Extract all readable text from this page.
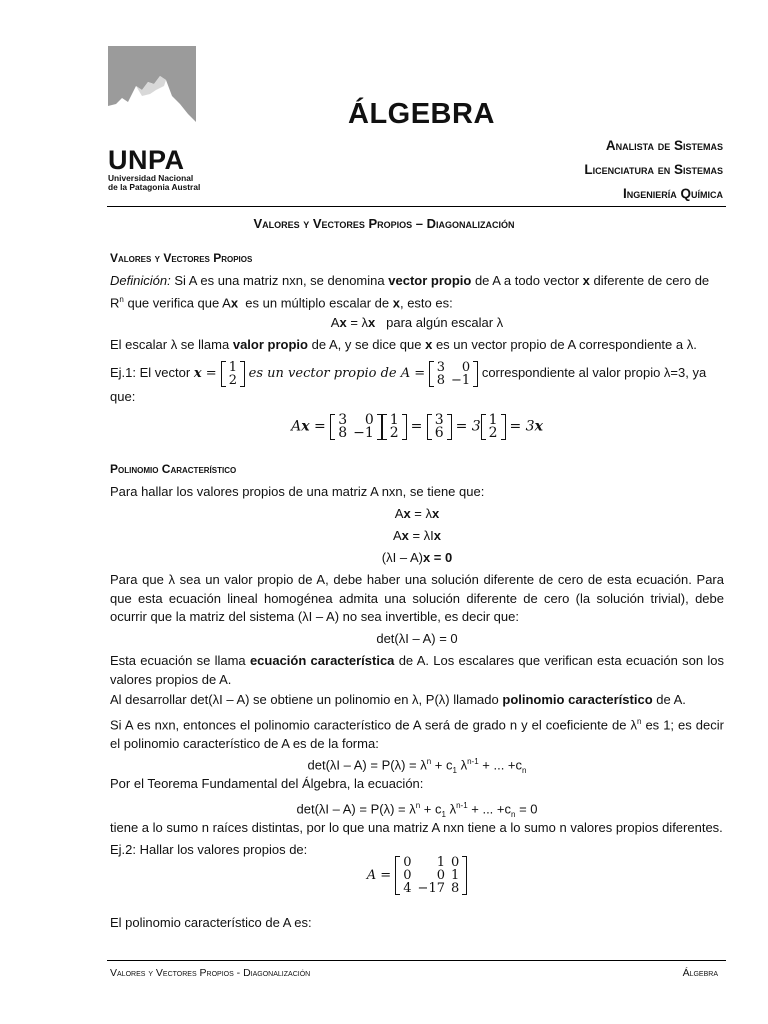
UNPA
Universidad Nacional
de la Patagonia Austral
ÁLGEBRA
Analista de Sistemas
Licenciatura en Sistemas
Ingeniería Química
Valores y Vectores Propios – Diagonalización
Valores y Vectores Propios
Definición: Si A es una matriz nxn, se denomina vector propio de A a todo vector x diferente de cero de
$R^n$ que verifica que Ax es un múltiplo escalar de x, esto es:
Ax = λx para algún escalar λ
El escalar λ se llama valor propio de A, y se dice que x es un vector propio de A correspondiente a λ.
Ej.1: El vector x = 1
2 es un vector propio de A = 3	0
8	−1
correspondiente al valor propio λ=3, ya
que:
Ax = 3	0
8	−1
1
2 = 3
6 = 3 1
2 = 3x
Polinomio Característico
Para hallar los valores propios de una matriz A nxn, se tiene que:
Ax = λx
Ax = λIx
(λI – A)x = 0
Para que λ sea un valor propio de A, debe haber una solución diferente de cero de esta ecuación. Para que esta ecuación lineal homogénea admita una solución diferente de cero (la solución trivial), debe ocurrir que la matriz del sistema (λI – A) no sea invertible, es decir que:
det(λI – A) = 0
Esta ecuación se llama ecuación característica de A. Los escalares que verifican esta ecuación son los valores propios de A.
Al desarrollar det(λI – A) se obtiene un polinomio en λ, P(λ) llamado polinomio característico de A.
Si A es nxn, entonces el polinomio característico de A será de grado n y el coeficiente de $\lambda^n$ es 1; es decir el polinomio característico de A es de la forma:
$\det(\lambda I - A) = P(\lambda) = \lambda^n + c_1$ $\lambda^{n-1}$ + ... $+c_n$
Por el Teorema Fundamental del Álgebra, la ecuación:
$\det(\lambda I - A) = P(\lambda) = \lambda^n + c_1$ $\lambda^{n-1}$ + ... $+c_n = 0$
tiene a lo sumo n raíces distintas, por lo que una matriz A nxn tiene a lo sumo n valores propios diferentes.
Ej.2: Hallar los valores propios de:
A =
0	1	0
0	0	1
4	−17	8
El polinomio característico de A es:
Valores y Vectores Propios - Diagonalización	Álgebra
